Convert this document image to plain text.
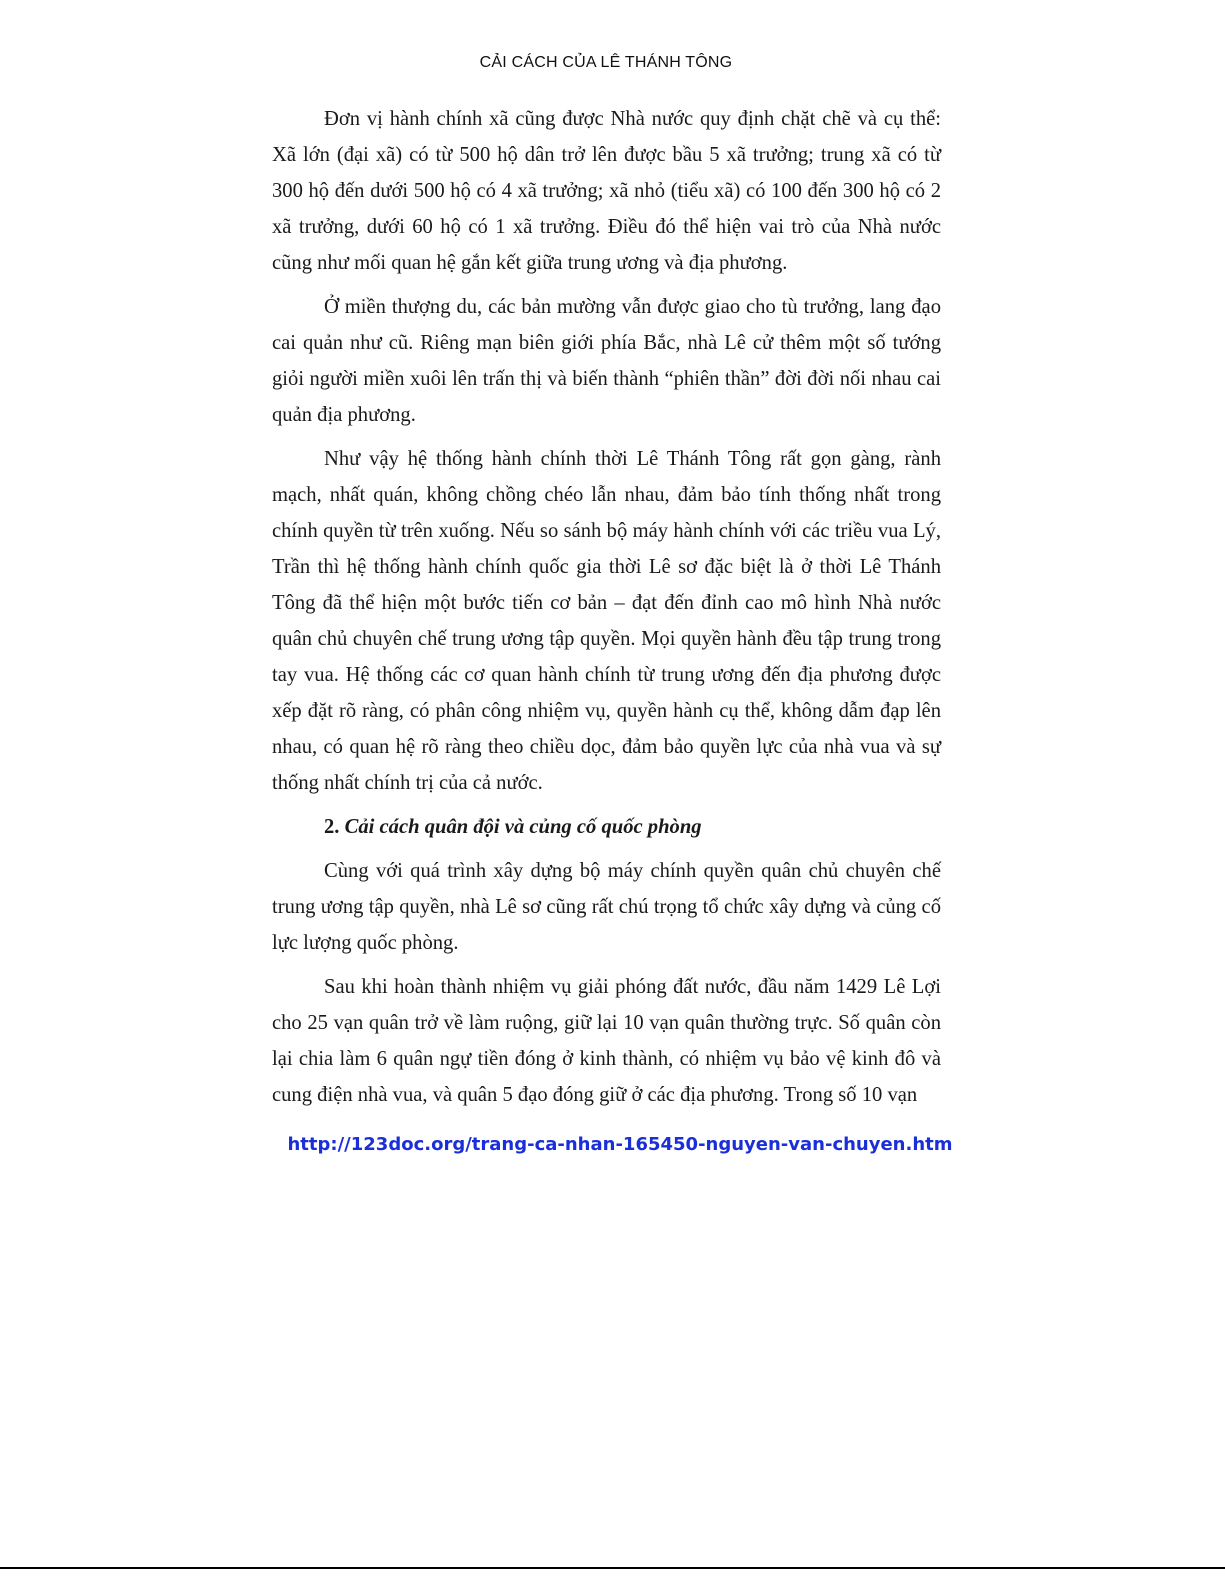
CẢI CÁCH CỦA LÊ THÁNH TÔNG

Đơn vị hành chính xã cũng được Nhà nước quy định chặt chẽ và cụ thể: Xã lớn (đại xã) có từ 500 hộ dân trở lên được bầu 5 xã trưởng; trung xã có từ 300 hộ đến dưới 500 hộ có 4 xã trưởng; xã nhỏ (tiểu xã) có 100 đến 300 hộ có 2 xã trưởng, dưới 60 hộ có 1 xã trưởng. Điều đó thể hiện vai trò của Nhà nước cũng như mối quan hệ gắn kết giữa trung ương và địa phương.

Ở miền thượng du, các bản mường vẫn được giao cho tù trưởng, lang đạo cai quản như cũ. Riêng mạn biên giới phía Bắc, nhà Lê cử thêm một số tướng giỏi người miền xuôi lên trấn thị và biến thành “phiên thần” đời đời nối nhau cai quản địa phương.

Như vậy hệ thống hành chính thời Lê Thánh Tông rất gọn gàng, rành mạch, nhất quán, không chồng chéo lẫn nhau, đảm bảo tính thống nhất trong chính quyền từ trên xuống. Nếu so sánh bộ máy hành chính với các triều vua Lý, Trần thì hệ thống hành chính quốc gia thời Lê sơ đặc biệt là ở thời Lê Thánh Tông đã thể hiện một bước tiến cơ bản – đạt đến đỉnh cao mô hình Nhà nước quân chủ chuyên chế trung ương tập quyền. Mọi quyền hành đều tập trung trong tay vua. Hệ thống các cơ quan hành chính từ trung ương đến địa phương được xếp đặt rõ ràng, có phân công nhiệm vụ, quyền hành cụ thể, không dẫm đạp lên nhau, có quan hệ rõ ràng theo chiều dọc, đảm bảo quyền lực của nhà vua và sự thống nhất chính trị của cả nước.

2. Cải cách quân đội và củng cố quốc phòng

Cùng với quá trình xây dựng bộ máy chính quyền quân chủ chuyên chế trung ương tập quyền, nhà Lê sơ cũng rất chú trọng tổ chức xây dựng và củng cố lực lượng quốc phòng.

Sau khi hoàn thành nhiệm vụ giải phóng đất nước, đầu năm 1429 Lê Lợi cho 25 vạn quân trở về làm ruộng, giữ lại 10 vạn quân thường trực. Số quân còn lại chia làm 6 quân ngự tiền đóng ở kinh thành, có nhiệm vụ bảo vệ kinh đô và cung điện nhà vua, và quân 5 đạo đóng giữ ở các địa phương. Trong số 10 vạn

http://123doc.org/trang-ca-nhan-165450-nguyen-van-chuyen.htm
